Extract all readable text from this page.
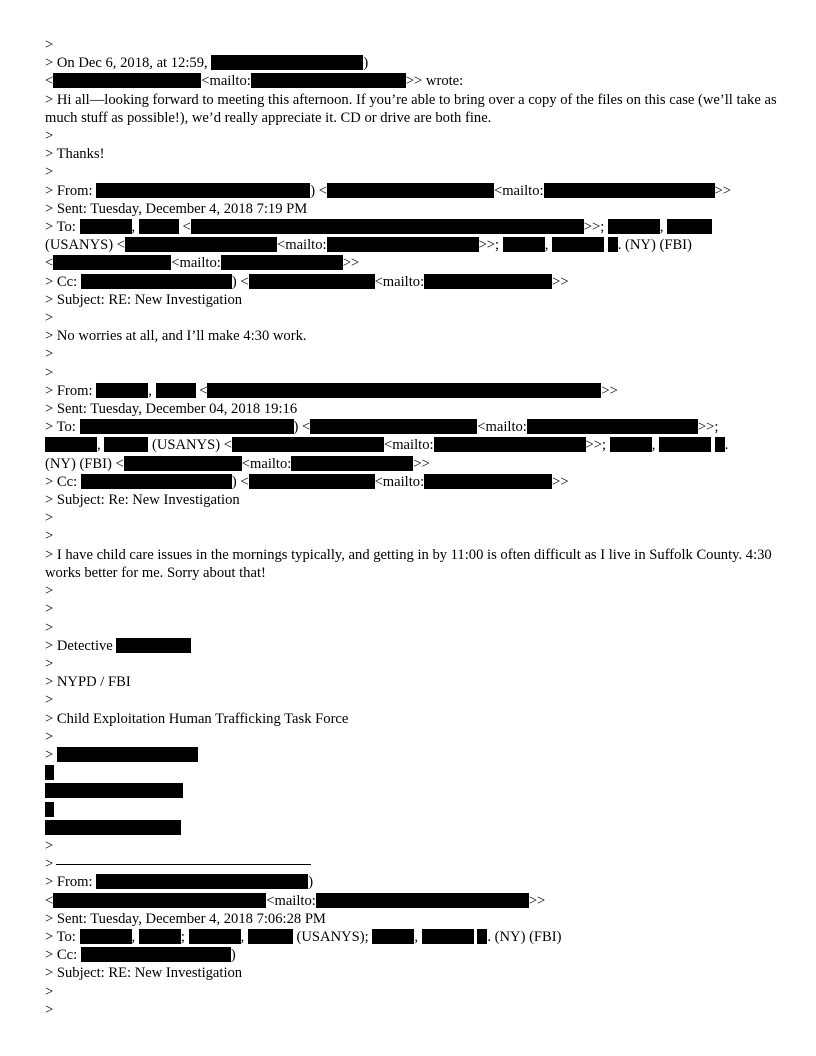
>
> On Dec 6, 2018, at 12:59,	)
<	<mailto:	>> wrote:
> Hi all—looking forward to meeting this afternoon. If you’re able to bring over a copy of the files on this case (we’ll take as much stuff as possible!), we’d really appreciate it. CD or drive are both fine.
>
> Thanks!
>
> From:	) <	<mailto:	>>
> Sent: Tuesday, December 4, 2018 7:19 PM
> To:	,	<	>>;	,
(USANYS) <	<mailto:	>>;	,	. (NY) (FBI)
<	<mailto:	>>
> Cc:	) <	<mailto:	>>
> Subject: RE: New Investigation
>
> No worries at all, and I’ll make 4:30 work.
>
>
> From:	,	<	>>
> Sent: Tuesday, December 04, 2018 19:16
> To:	) <	<mailto:	>>;
,	(USANYS) <	<mailto:	>>;	,	.
(NY) (FBI) <	<mailto:	>>
> Cc:	) <	<mailto:	>>
> Subject: Re: New Investigation
>
>
> I have child care issues in the mornings typically, and getting in by 11:00 is often difficult as I live in Suffolk County. 4:30 works better for me. Sorry about that!
>
>
>
> Detective
>
> NYPD / FBI
>
> Child Exploitation Human Trafficking Task Force
>
>
>
>
> From:	)
<	<mailto:	>>
> Sent: Tuesday, December 4, 2018 7:06:28 PM
> To:	,	;	,	(USANYS);	,	. (NY) (FBI)
> Cc:	)
> Subject: RE: New Investigation
>
>
